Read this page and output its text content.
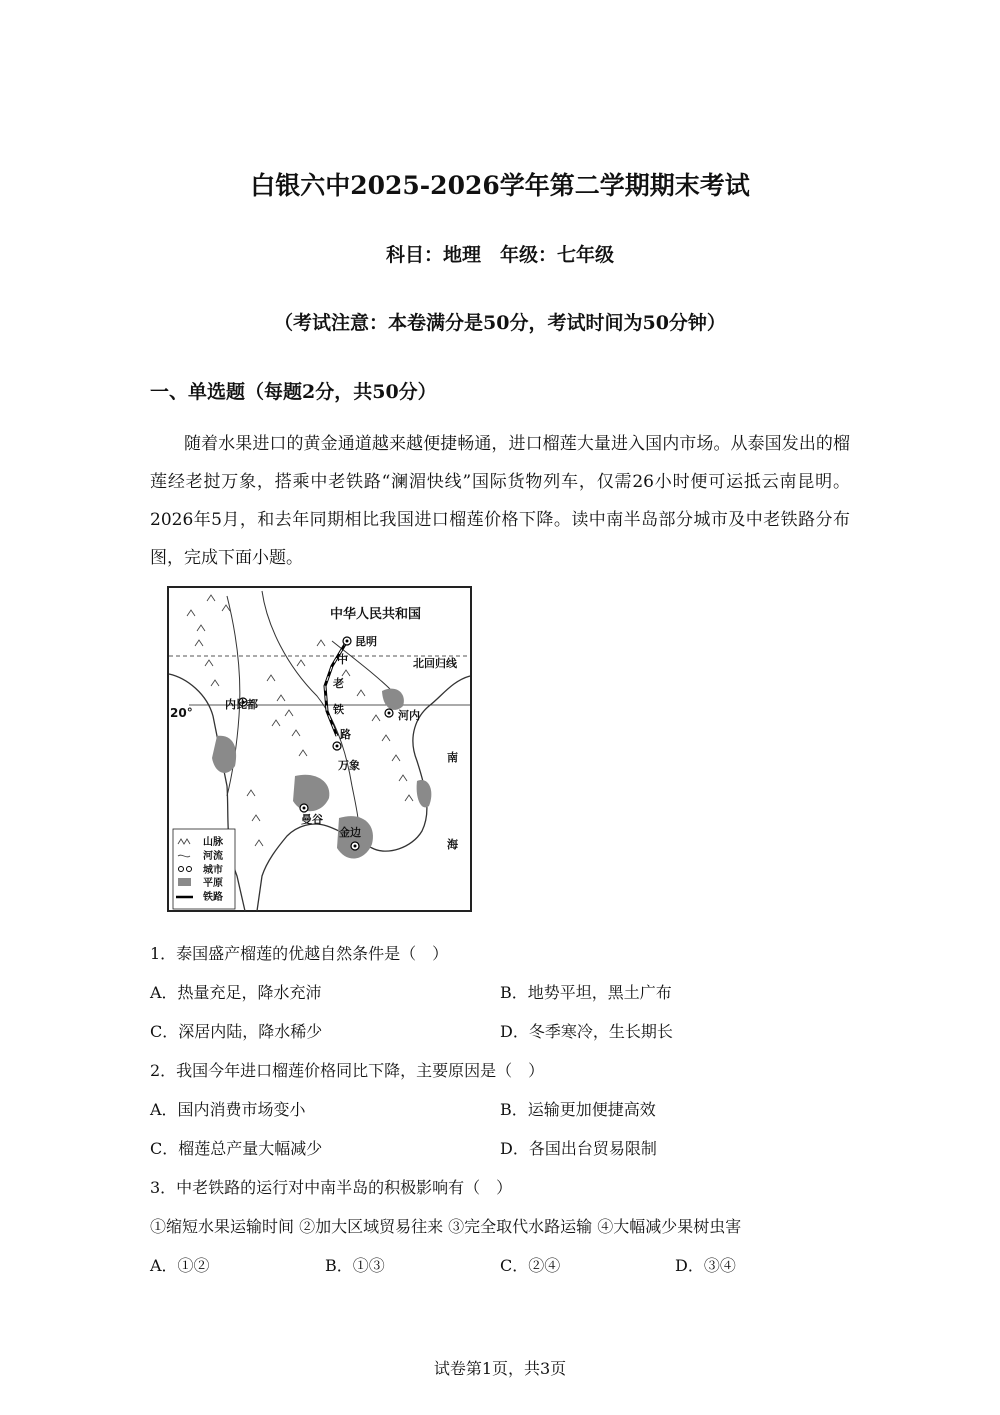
白银六中2025-2026学年第二学期期末考试
科目：地理　年级：七年级
（考试注意：本卷满分是50分，考试时间为50分钟）
一、单选题（每题2分，共50分）
随着水果进口的黄金通道越来越便捷畅通，进口榴莲大量进入国内市场。从泰国发出的榴莲经老挝万象，搭乘中老铁路“澜湄快线”国际货物列车，仅需26小时便可运抵云南昆明。2026年5月，和去年同期相比我国进口榴莲价格下降。读中南半岛部分城市及中老铁路分布图，完成下面小题。
中华人民共和国
昆明
北回归线
20°
内比都
河内
万象
曼谷
金边
中
老
铁
路
南
海
山脉
河流
城市
平原
铁路
1．泰国盛产榴莲的优越自然条件是（　）
A．热量充足，降水充沛	B．地势平坦，黑土广布
C．深居内陆，降水稀少	D．冬季寒冷，生长期长
2．我国今年进口榴莲价格同比下降，主要原因是（　）
A．国内消费市场变小	B．运输更加便捷高效
C．榴莲总产量大幅减少	D．各国出台贸易限制
3．中老铁路的运行对中南半岛的积极影响有（　）
①缩短水果运输时间 ②加大区域贸易往来 ③完全取代水路运输 ④大幅减少果树虫害
A．①②	B．①③	C．②④	D．③④
试卷第1页，共3页
